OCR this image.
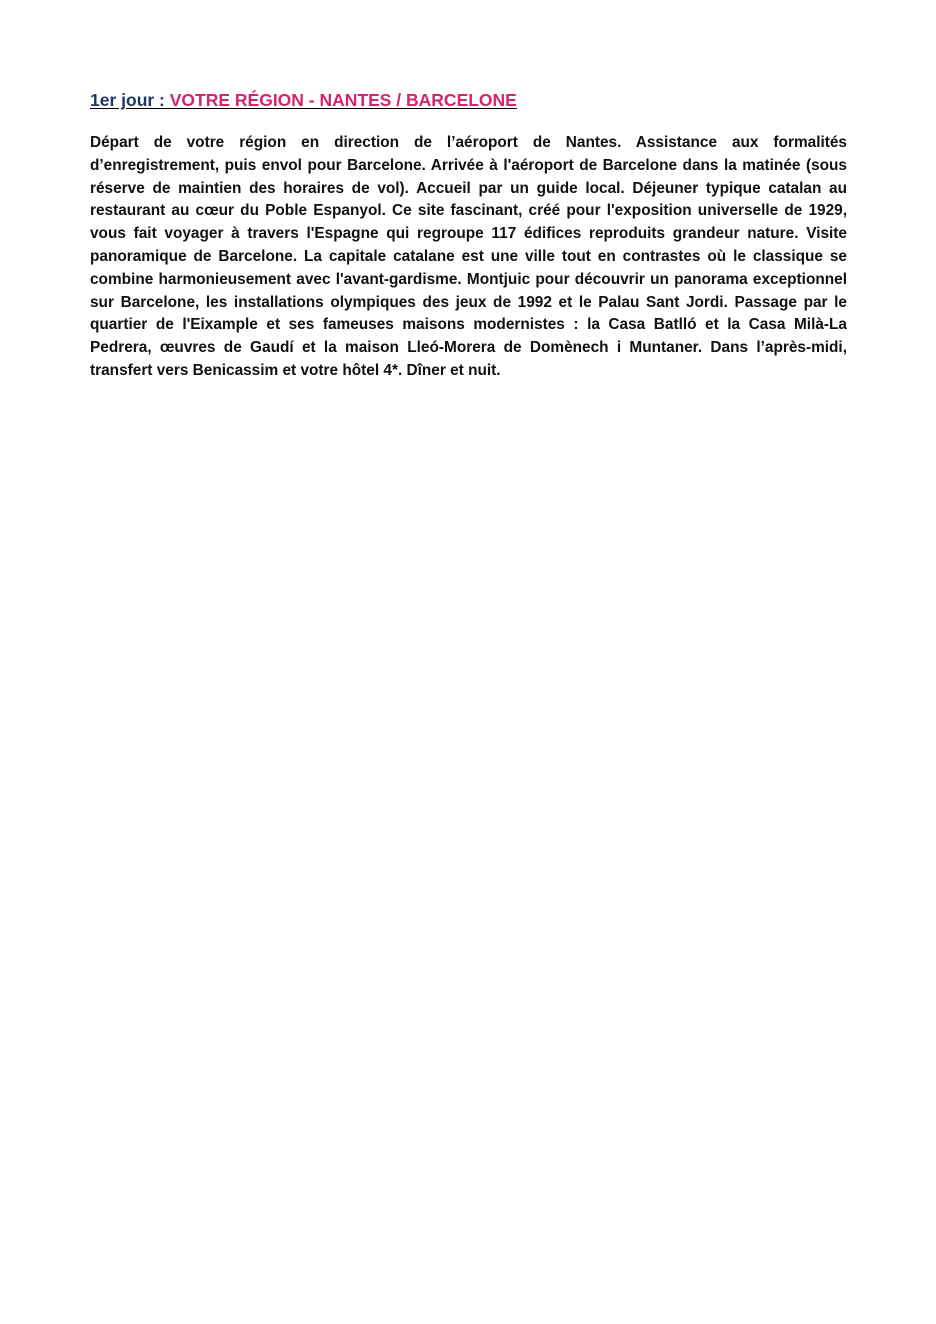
1er jour : VOTRE RÉGION - NANTES / BARCELONE

Départ de votre région en direction de l’aéroport de Nantes. Assistance aux formalités d’enregistrement, puis envol pour Barcelone. Arrivée à l'aéroport de Barcelone dans la matinée (sous réserve de maintien des horaires de vol). Accueil par un guide local. Déjeuner typique catalan au restaurant au cœur du Poble Espanyol. Ce site fascinant, créé pour l'exposition universelle de 1929, vous fait voyager à travers l'Espagne qui regroupe 117 édifices reproduits grandeur nature. Visite panoramique de Barcelone. La capitale catalane est une ville tout en contrastes où le classique se combine harmonieusement avec l'avant-gardisme. Montjuic pour découvrir un panorama exceptionnel sur Barcelone, les installations olympiques des jeux de 1992 et le Palau Sant Jordi. Passage par le quartier de l'Eixample et ses fameuses maisons modernistes : la Casa Batlló et la Casa Milà-La Pedrera, œuvres de Gaudí et la maison Lleó-Morera de Domènech i Muntaner. Dans l’après-midi, transfert vers Benicassim et votre hôtel 4*. Dîner et nuit.
